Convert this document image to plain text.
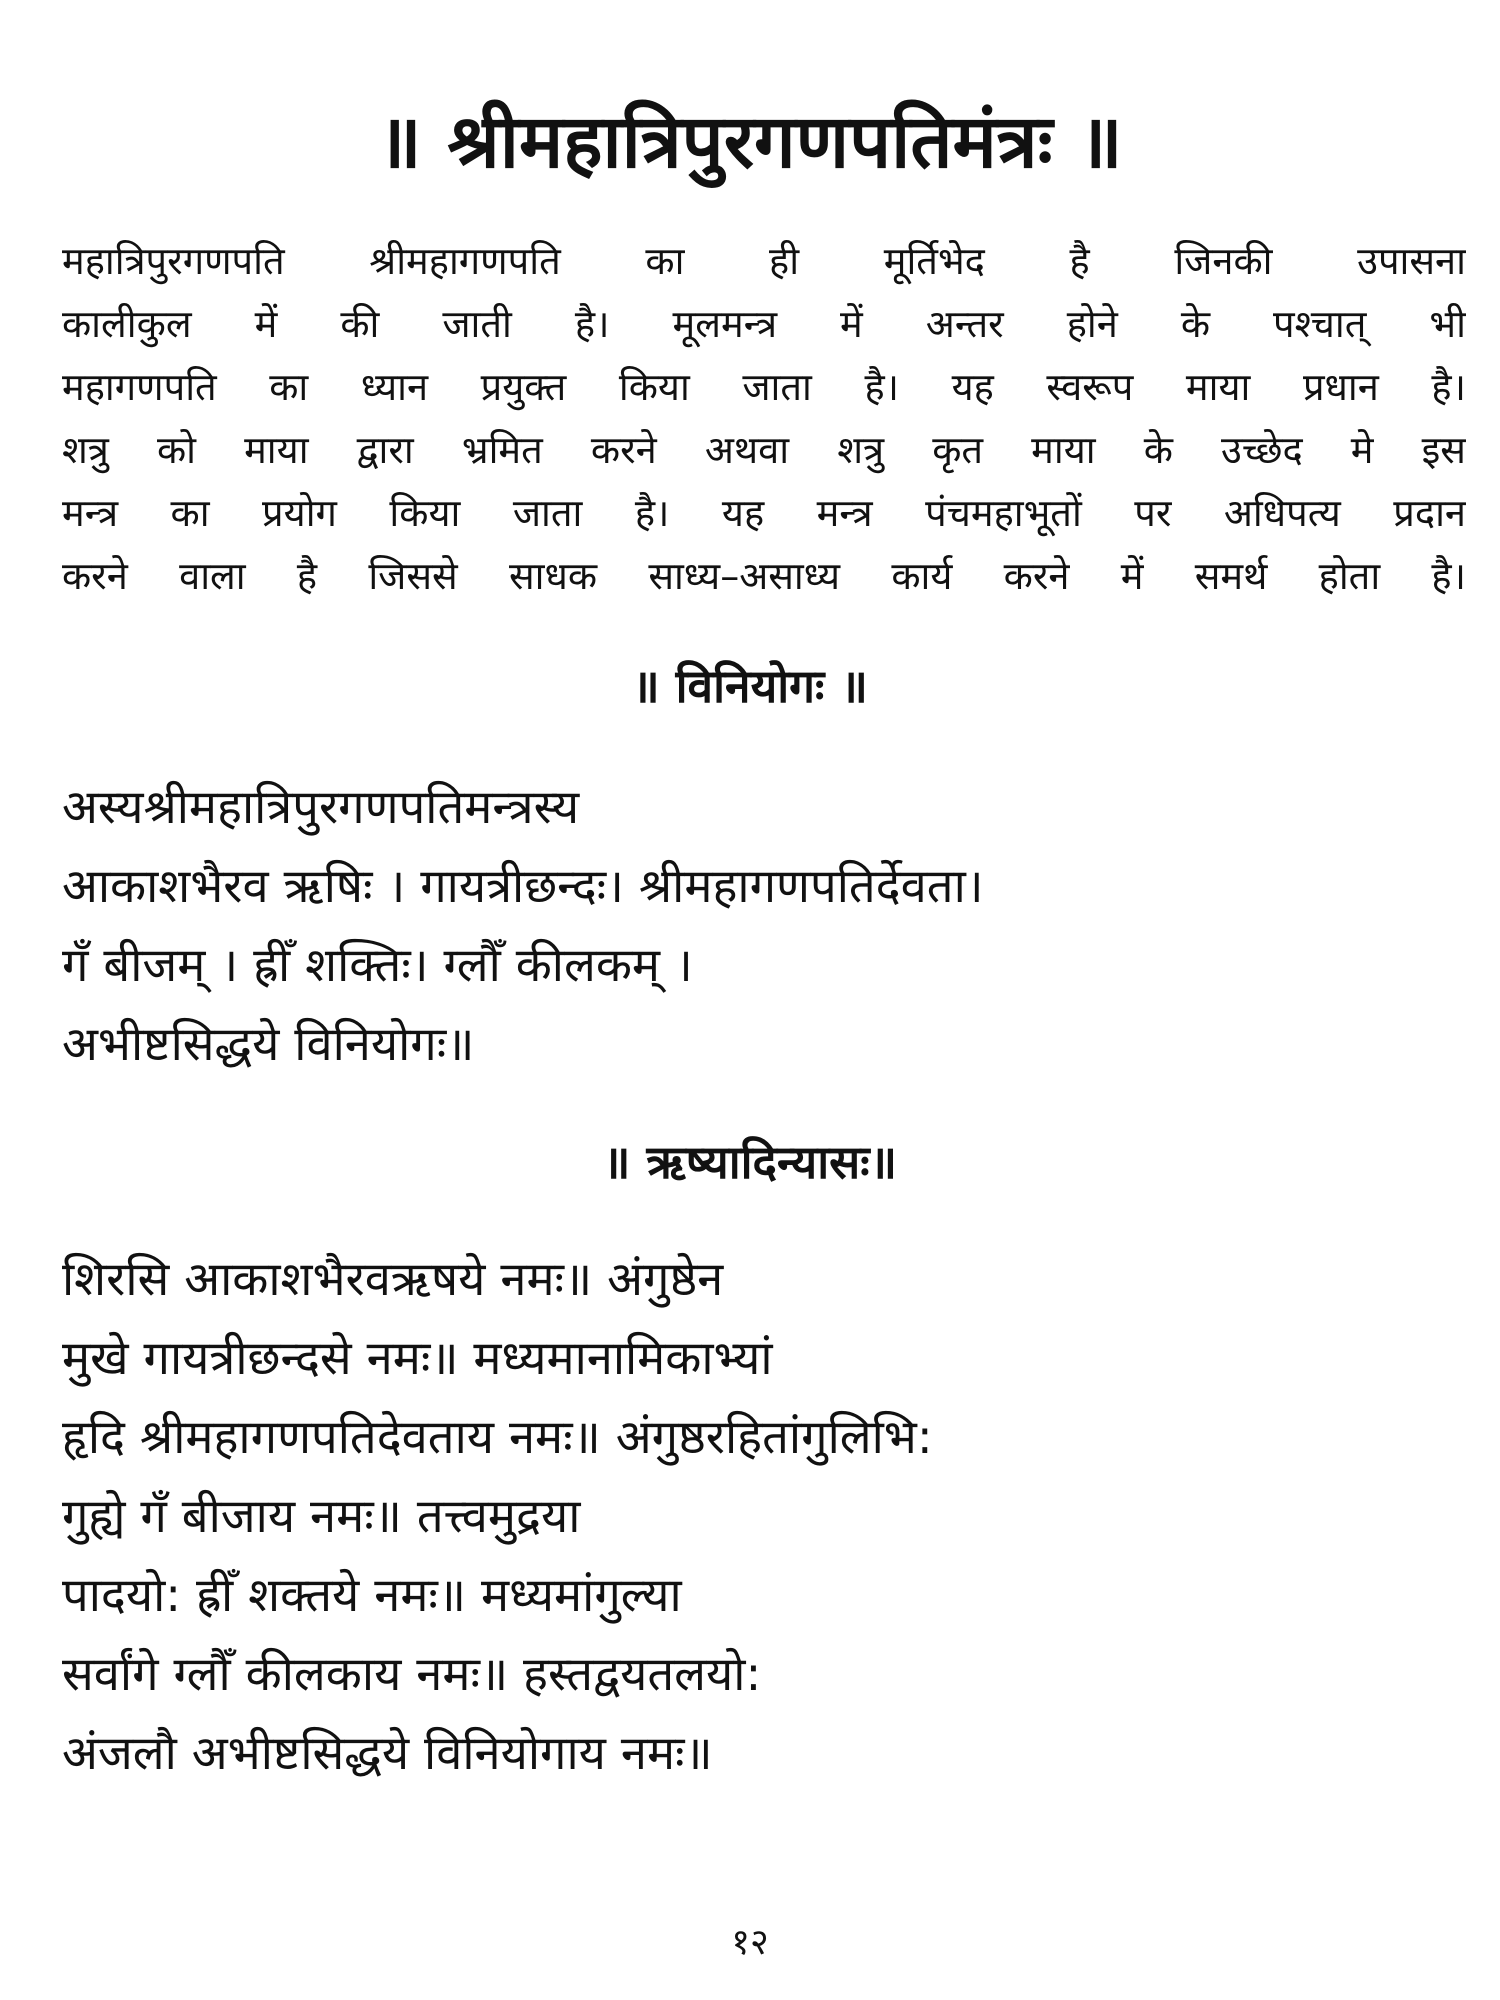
॥ श्रीमहात्रिपुरगणपतिमंत्रः ॥
महात्रिपुरगणपति श्रीमहागणपति का ही मूर्तिभेद है जिनकी उपासना
कालीकुल में की जाती है। मूलमन्त्र में अन्तर होने के पश्चात् भी
महागणपति का ध्यान प्रयुक्त किया जाता है। यह स्वरूप माया प्रधान है।
शत्रु को माया द्वारा भ्रमित करने अथवा शत्रु कृत माया के उच्छेद मे इस
मन्त्र का प्रयोग किया जाता है। यह मन्त्र पंचमहाभूतों पर अधिपत्य प्रदान
करने वाला है जिससे साधक साध्य–असाध्य कार्य करने में समर्थ होता है।
॥ विनियोगः ॥
अस्यश्रीमहात्रिपुरगणपतिमन्त्रस्य
आकाशभैरव ऋषिः । गायत्रीछन्दः। श्रीमहागणपतिर्देवता।
गँ बीजम् । ह्रीँ शक्तिः। ग्लौँ कीलकम् ।
अभीष्टसिद्धये विनियोगः॥
॥ ऋष्यादिन्यासः॥
शिरसि आकाशभैरवऋषये नमः॥ अंगुष्ठेन
मुखे गायत्रीछन्दसे नमः॥ मध्यमानामिकाभ्यां
हृदि श्रीमहागणपतिदेवताय नमः॥ अंगुष्ठरहितांगुलिभि:
गुह्ये गँ बीजाय नमः॥ तत्त्वमुद्रया
पादयो: ह्रीँ शक्तये नमः॥ मध्यमांगुल्या
सर्वांगे ग्लौँ कीलकाय नमः॥ हस्तद्वयतलयो:
अंजलौ अभीष्टसिद्धये विनियोगाय नमः॥
१२
